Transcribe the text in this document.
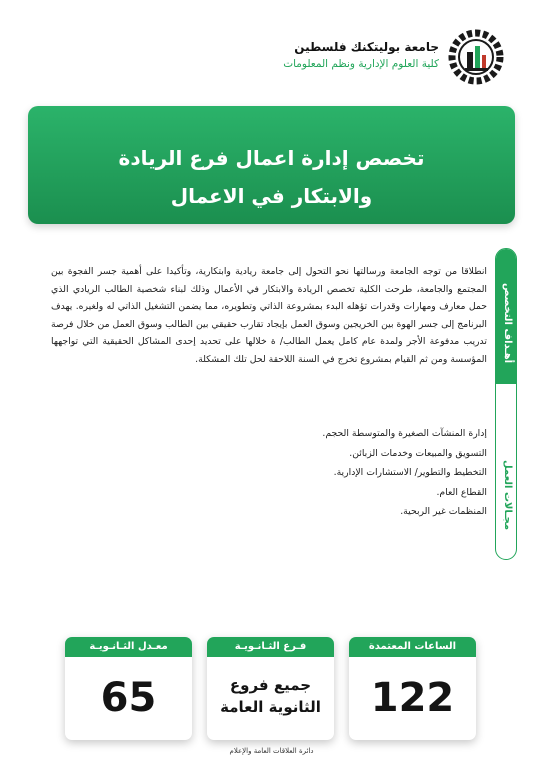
جامعة بوليتكنك فلسطين
كلية العلوم الإدارية ونظم المعلومات
تخصص إدارة اعمال فرع الريادة
والابتكار في الاعمال
أهـداف التخصص
مجـالات العمل

انطلاقا من توجه الجامعة ورسالتها نحو التحول إلى جامعة ريادية وابتكارية، وتأكيدا على أهمية جسر الفجوة بين المجتمع والجامعة، طرحت الكلية تخصص الريادة والابتكار في الأعمال وذلك لبناء شخصية الطالب الريادي الذي حمل معارف ومهارات وقدرات تؤهله البدء بمشروعة الذاتي وتطويره، مما يضمن التشغيل الذاتي له ولغيره. يهدف البرنامج إلى جسر الهوة بين الخريجين وسوق العمل بإيجاد تقارب حقيقي بين الطالب وسوق العمل من خلال فرصة تدريب مدفوعة الأجر ولمدة عام كامل يعمل الطالب/ ة خلالها على تحديد إحدى المشاكل الحقيقية التي تواجهها المؤسسة ومن ثم القيام بمشروع تخرج في السنة اللاحقة لحل تلك المشكلة.

إدارة المنشآت الصغيرة والمتوسطة الحجم.
التسويق والمبيعات وخدمات الزبائن.
التخطيط والتطوير/ الاستشارات الإدارية.
القطاع العام.
المنظمات غير الربحية.
الساعات المعتمدة
122
فـرع الثـانـويـة
جميع فروع
الثانوية العامة
معـدل الثـانـويـة
65
دائرة العلاقات العامة والإعلام
